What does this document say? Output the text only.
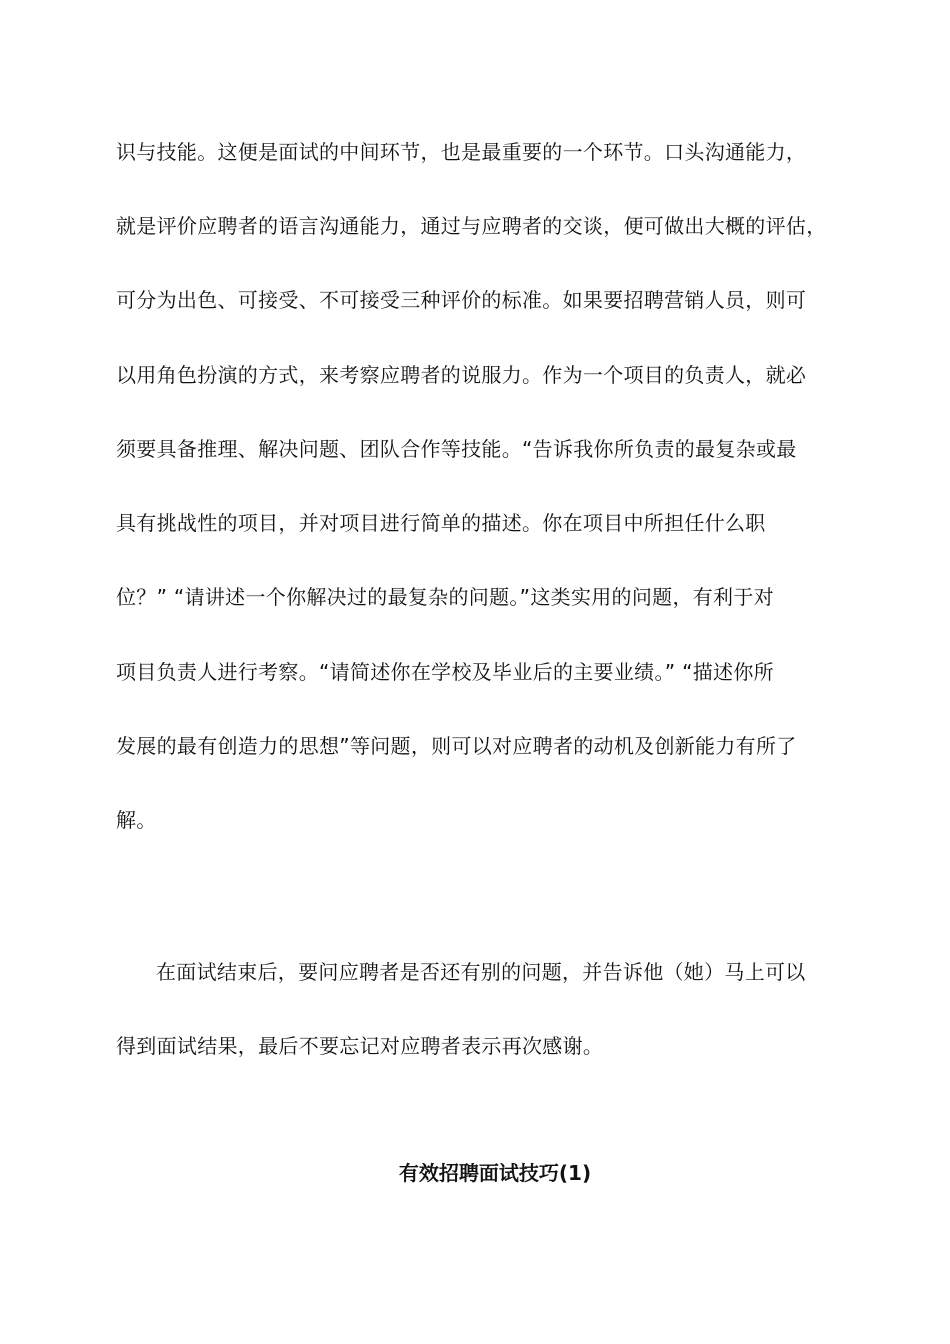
识与技能。这便是面试的中间环节，也是最重要的一个环节。口头沟通能力，
就是评价应聘者的语言沟通能力，通过与应聘者的交谈，便可做出大概的评估，
可分为出色、可接受、不可接受三种评价的标准。如果要招聘营销人员，则可
以用角色扮演的方式，来考察应聘者的说服力。作为一个项目的负责人，就必
须要具备推理、解决问题、团队合作等技能。“告诉我你所负责的最复杂或最
具有挑战性的项目，并对项目进行简单的描述。你在项目中所担任什么职
位？” “请讲述一个你解决过的最复杂的问题。”这类实用的问题，有利于对
项目负责人进行考察。“请简述你在学校及毕业后的主要业绩。” “描述你所
发展的最有创造力的思想”等问题，则可以对应聘者的动机及创新能力有所了
解。
在面试结束后，要问应聘者是否还有别的问题，并告诉他（她）马上可以
得到面试结果，最后不要忘记对应聘者表示再次感谢。
有效招聘面试技巧(1)
